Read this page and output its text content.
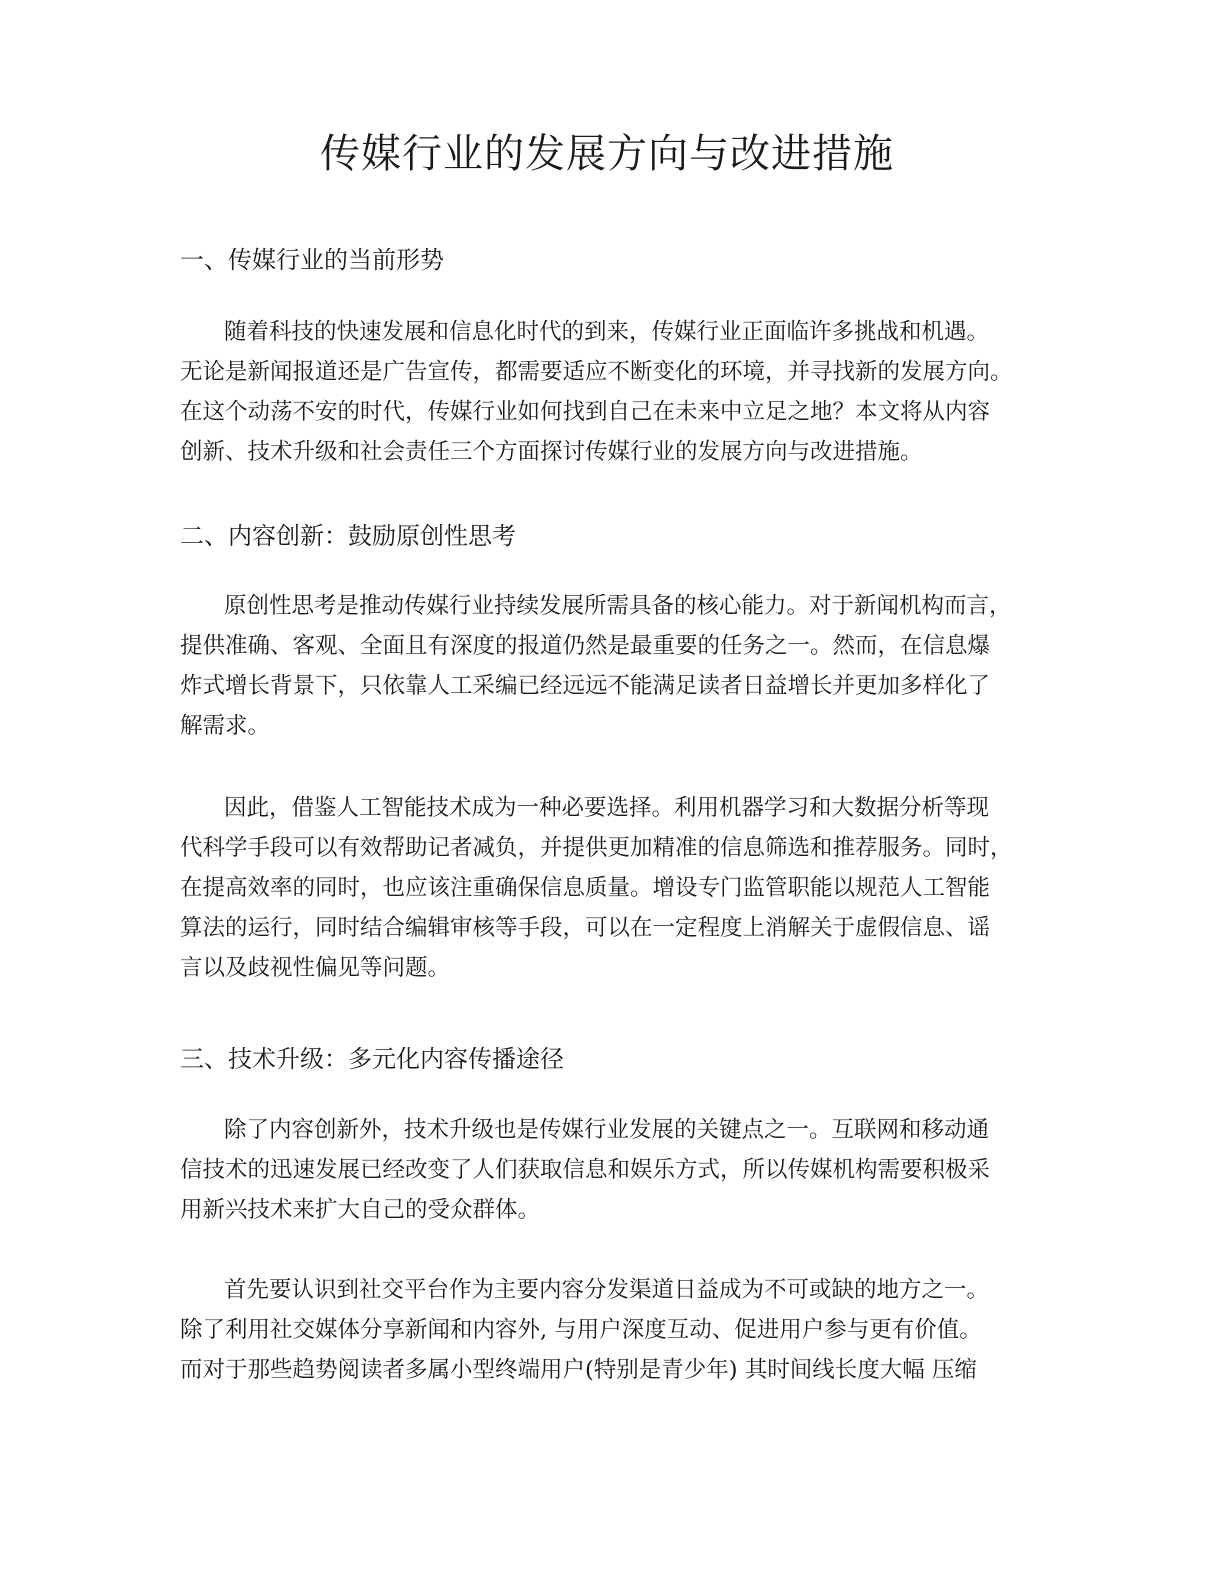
传媒行业的发展方向与改进措施
一、传媒行业的当前形势
随着科技的快速发展和信息化时代的到来，传媒行业正面临许多挑战和机遇。
无论是新闻报道还是广告宣传，都需要适应不断变化的环境，并寻找新的发展方向。
在这个动荡不安的时代，传媒行业如何找到自己在未来中立足之地？本文将从内容
创新、技术升级和社会责任三个方面探讨传媒行业的发展方向与改进措施。
二、内容创新：鼓励原创性思考
原创性思考是推动传媒行业持续发展所需具备的核心能力。对于新闻机构而言，
提供准确、客观、全面且有深度的报道仍然是最重要的任务之一。然而，在信息爆
炸式增长背景下，只依靠人工采编已经远远不能满足读者日益增长并更加多样化了
解需求。
因此，借鉴人工智能技术成为一种必要选择。利用机器学习和大数据分析等现
代科学手段可以有效帮助记者减负，并提供更加精准的信息筛选和推荐服务。同时，
在提高效率的同时，也应该注重确保信息质量。增设专门监管职能以规范人工智能
算法的运行，同时结合编辑审核等手段，可以在一定程度上消解关于虚假信息、谣
言以及歧视性偏见等问题。
三、技术升级：多元化内容传播途径
除了内容创新外，技术升级也是传媒行业发展的关键点之一。互联网和移动通
信技术的迅速发展已经改变了人们获取信息和娱乐方式，所以传媒机构需要积极采
用新兴技术来扩大自己的受众群体。
首先要认识到社交平台作为主要内容分发渠道日益成为不可或缺的地方之一。
除了利用社交媒体分享新闻和内容外, 与用户深度互动、促进用户参与更有价值。
而对于那些趋势阅读者多属小型终端用户(特别是青少年) 其时间线长度大幅 压缩
